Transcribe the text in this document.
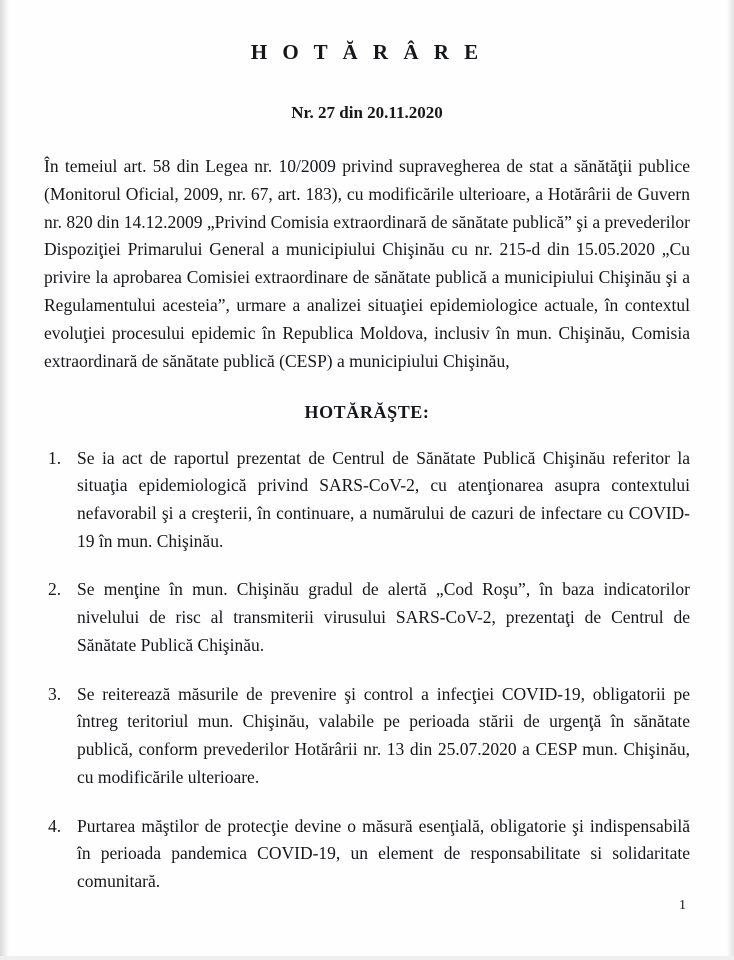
H O T Ă R Â R E
Nr. 27 din 20.11.2020

În temeiul art. 58 din Legea nr. 10/2009 privind supravegherea de stat a sănătăţii publice (Monitorul Oficial, 2009, nr. 67, art. 183), cu modificările ulterioare, a Hotărârii de Guvern nr. 820 din 14.12.2009 „Privind Comisia extraordinară de sănătate publică” şi a prevederilor Dispoziţiei Primarului General a municipiului Chişinău cu nr. 215-d din 15.05.2020 „Cu privire la aprobarea Comisiei extraordinare de sănătate publică a municipiului Chişinău şi a Regulamentului acesteia”, urmare a analizei situaţiei epidemiologice actuale, în contextul evoluţiei procesului epidemic în Republica Moldova, inclusiv în mun. Chişinău, Comisia extraordinară de sănătate publică (CESP) a municipiului Chişinău,

HOTĂRĂŞTE:
1. Se ia act de raportul prezentat de Centrul de Sănătate Publică Chişinău referitor la situaţia epidemiologică privind SARS-CoV-2, cu atenţionarea asupra contextului nefavorabil şi a creşterii, în continuare, a numărului de cazuri de infectare cu COVID-19 în mun. Chişinău.
2. Se menţine în mun. Chişinău gradul de alertă „Cod Roşu”, în baza indicatorilor nivelului de risc al transmiterii virusului SARS-CoV-2, prezentaţi de Centrul de Sănătate Publică Chişinău.
3. Se reiterează măsurile de prevenire şi control a infecţiei COVID-19, obligatorii pe întreg teritoriul mun. Chişinău, valabile pe perioada stării de urgenţă în sănătate publică, conform prevederilor Hotărârii nr. 13 din 25.07.2020 a CESP mun. Chişinău, cu modificările ulterioare.
4. Purtarea măştilor de protecţie devine o măsură esenţială, obligatorie şi indispensabilă în perioada pandemica COVID-19, un element de responsabilitate si solidaritate comunitară.
1
